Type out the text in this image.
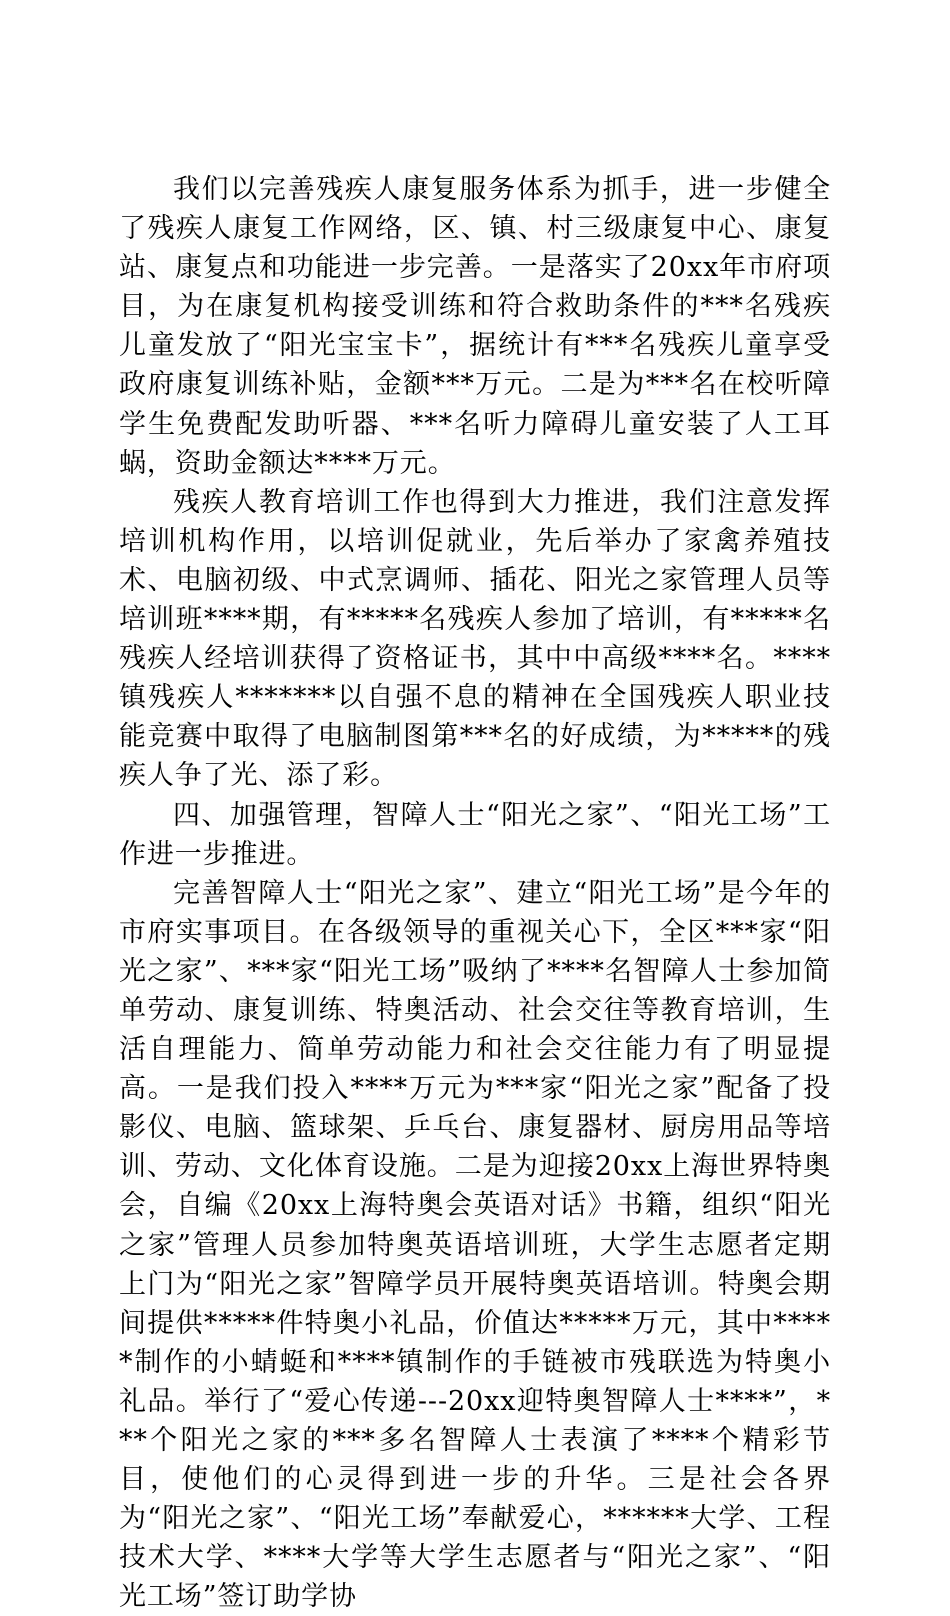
我们以完善残疾人康复服务体系为抓手，进一步健全了残疾人康复工作网络，区、镇、村三级康复中心、康复站、康复点和功能进一步完善。一是落实了20xx年市府项目，为在康复机构接受训练和符合救助条件的***名残疾儿童发放了“阳光宝宝卡”，据统计有***名残疾儿童享受政府康复训练补贴，金额***万元。二是为***名在校听障学生免费配发助听器、***名听力障碍儿童安装了人工耳蜗，资助金额达****万元。

残疾人教育培训工作也得到大力推进，我们注意发挥培训机构作用，以培训促就业，先后举办了家禽养殖技术、电脑初级、中式烹调师、插花、阳光之家管理人员等培训班****期，有*****名残疾人参加了培训，有*****名残疾人经培训获得了资格证书，其中中高级****名。****镇残疾人*******以自强不息的精神在全国残疾人职业技能竞赛中取得了电脑制图第***名的好成绩，为*****的残疾人争了光、添了彩。

四、加强管理，智障人士“阳光之家”、“阳光工场”工作进一步推进。

完善智障人士“阳光之家”、建立“阳光工场”是今年的市府实事项目。在各级领导的重视关心下，全区***家“阳光之家”、***家“阳光工场”吸纳了****名智障人士参加简单劳动、康复训练、特奥活动、社会交往等教育培训，生活自理能力、简单劳动能力和社会交往能力有了明显提高。一是我们投入****万元为***家“阳光之家”配备了投影仪、电脑、篮球架、乒乓台、康复器材、厨房用品等培训、劳动、文化体育设施。二是为迎接20xx上海世界特奥会，自编《20xx上海特奥会英语对话》书籍，组织“阳光之家”管理人员参加特奥英语培训班，大学生志愿者定期上门为“阳光之家”智障学员开展特奥英语培训。特奥会期间提供*****件特奥小礼品，价值达*****万元，其中*****制作的小蜻蜓和****镇制作的手链被市残联选为特奥小礼品。举行了“爱心传递---20xx迎特奥智障人士****”，***个阳光之家的***多名智障人士表演了****个精彩节目，使他们的心灵得到进一步的升华。三是社会各界为“阳光之家”、“阳光工场”奉献爱心，******大学、工程技术大学、****大学等大学生志愿者与“阳光之家”、“阳光工场”签订助学协
